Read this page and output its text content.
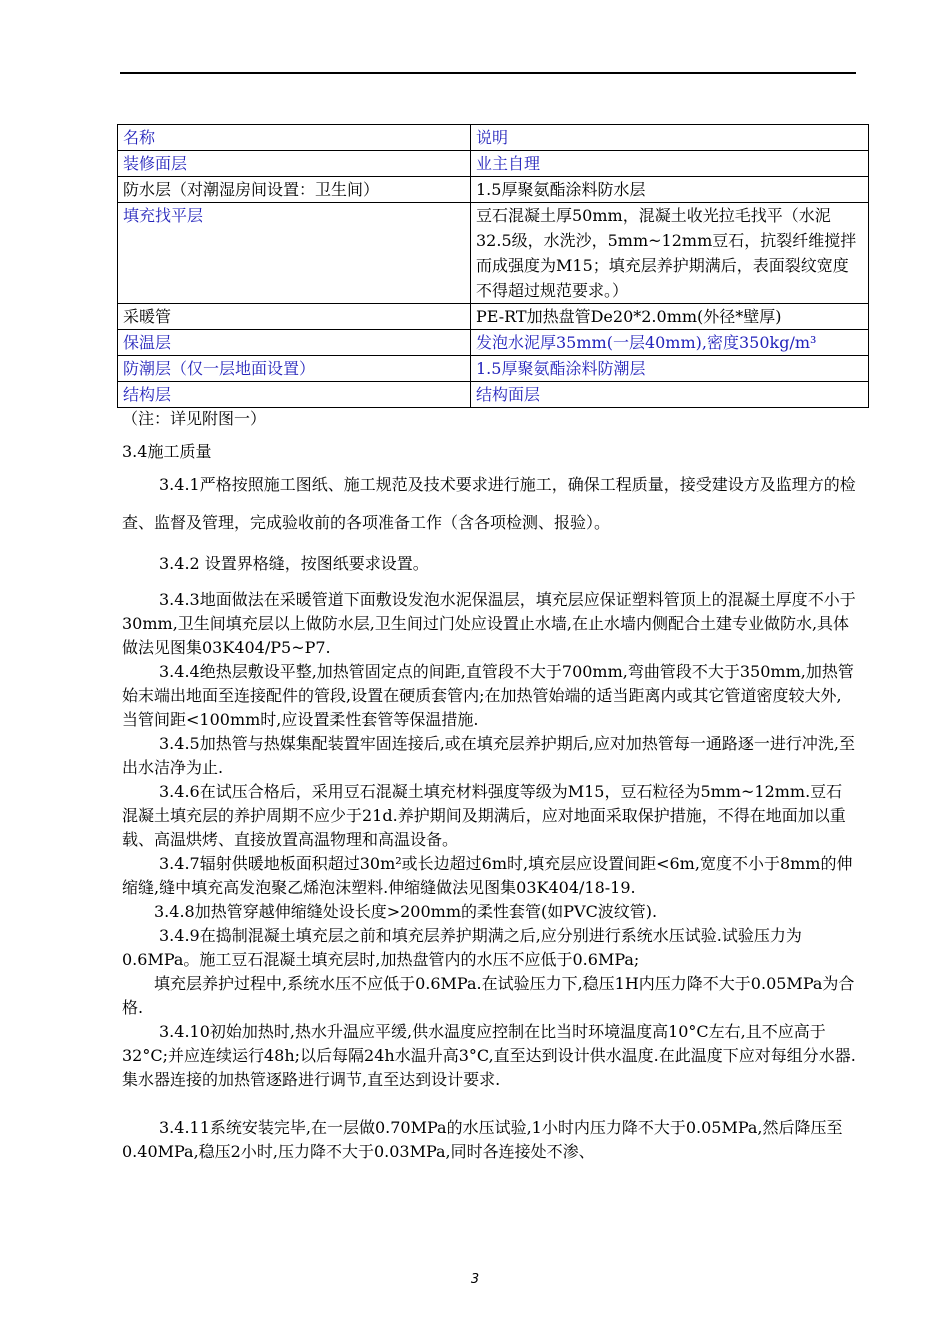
名称	说明
装修面层	业主自理
防水层（对潮湿房间设置：卫生间）	1.5厚聚氨酯涂料防水层
填充找平层	豆石混凝土厚50mm，混凝土收光拉毛找平（水泥32.5级，水洗沙，5mm~12mm豆石，抗裂纤维搅拌而成强度为M15；填充层养护期满后，表面裂纹宽度不得超过规范要求。）
采暖管	PE-RT加热盘管De20*2.0mm(外径*壁厚)
保温层	发泡水泥厚35mm(一层40mm),密度350kg/m³
防潮层（仅一层地面设置）	1.5厚聚氨酯涂料防潮层
结构层	结构面层
（注：详见附图一）

3.4施工质量

3.4.1严格按照施工图纸、施工规范及技术要求进行施工，确保工程质量，接受建设方及监理方的检查、监督及管理，完成验收前的各项准备工作（含各项检测、报验）。

3.4.2 设置界格缝，按图纸要求设置。

3.4.3地面做法在采暖管道下面敷设发泡水泥保温层，填充层应保证塑料管顶上的混凝土厚度不小于30mm,卫生间填充层以上做防水层,卫生间过门处应设置止水墙,在止水墙内侧配合土建专业做防水,具体做法见图集03K404/P5~P7.

3.4.4绝热层敷设平整,加热管固定点的间距,直管段不大于700mm,弯曲管段不大于350mm,加热管始末端出地面至连接配件的管段,设置在硬质套管内;在加热管始端的适当距离内或其它管道密度较大外,当管间距<100mm时,应设置柔性套管等保温措施.

3.4.5加热管与热媒集配装置牢固连接后,或在填充层养护期后,应对加热管每一通路逐一进行冲洗,至出水洁净为止.

3.4.6在试压合格后，采用豆石混凝土填充材料强度等级为M15，豆石粒径为5mm~12mm.豆石混凝土填充层的养护周期不应少于21d.养护期间及期满后，应对地面采取保护措施，不得在地面加以重载、高温烘烤、直接放置高温物理和高温设备。

3.4.7辐射供暖地板面积超过30m²或长边超过6m时,填充层应设置间距<6m,宽度不小于8mm的伸缩缝,缝中填充高发泡聚乙烯泡沫塑料.伸缩缝做法见图集03K404/18-19.

3.4.8加热管穿越伸缩缝处设长度>200mm的柔性套管(如PVC波纹管).

3.4.9在捣制混凝土填充层之前和填充层养护期满之后,应分别进行系统水压试验.试验压力为0.6MPa。施工豆石混凝土填充层时,加热盘管内的水压不应低于0.6MPa;

填充层养护过程中,系统水压不应低于0.6MPa.在试验压力下,稳压1H内压力降不大于0.05MPa为合格.

3.4.10初始加热时,热水升温应平缓,供水温度应控制在比当时环境温度高10°C左右,且不应高于32°C;并应连续运行48h;以后每隔24h水温升高3°C,直至达到设计供水温度.在此温度下应对每组分水器.集水器连接的加热管逐路进行调节,直至达到设计要求.

3.4.11系统安装完毕,在一层做0.70MPa的水压试验,1小时内压力降不大于0.05MPa,然后降压至0.40MPa,稳压2小时,压力降不大于0.03MPa,同时各连接处不渗、

3
